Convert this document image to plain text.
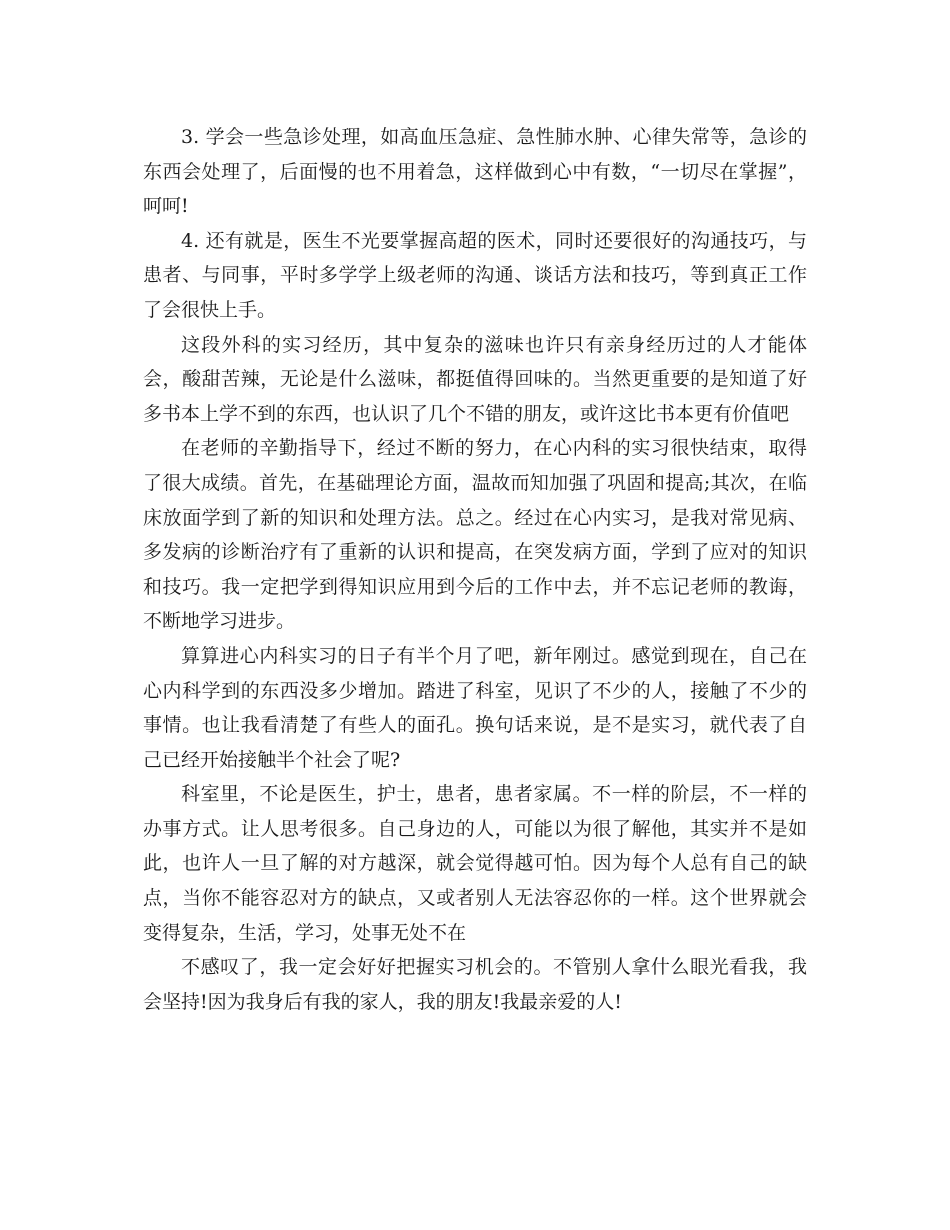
3. 学会一些急诊处理，如高血压急症、急性肺水肿、心律失常等，急诊的东西会处理了，后面慢的也不用着急，这样做到心中有数，“一切尽在掌握”，呵呵!

4. 还有就是，医生不光要掌握高超的医术，同时还要很好的沟通技巧，与患者、与同事，平时多学学上级老师的沟通、谈话方法和技巧，等到真正工作了会很快上手。

这段外科的实习经历，其中复杂的滋味也许只有亲身经历过的人才能体会，酸甜苦辣，无论是什么滋味，都挺值得回味的。当然更重要的是知道了好多书本上学不到的东西，也认识了几个不错的朋友，或许这比书本更有价值吧

在老师的辛勤指导下，经过不断的努力，在心内科的实习很快结束，取得了很大成绩。首先，在基础理论方面，温故而知加强了巩固和提高;其次，在临床放面学到了新的知识和处理方法。总之。经过在心内实习，是我对常见病、多发病的诊断治疗有了重新的认识和提高，在突发病方面，学到了应对的知识和技巧。我一定把学到得知识应用到今后的工作中去，并不忘记老师的教诲，不断地学习进步。

算算进心内科实习的日子有半个月了吧，新年刚过。感觉到现在，自己在心内科学到的东西没多少增加。踏进了科室，见识了不少的人，接触了不少的事情。也让我看清楚了有些人的面孔。换句话来说，是不是实习，就代表了自己已经开始接触半个社会了呢?

科室里，不论是医生，护士，患者，患者家属。不一样的阶层，不一样的办事方式。让人思考很多。自己身边的人，可能以为很了解他，其实并不是如此，也许人一旦了解的对方越深，就会觉得越可怕。因为每个人总有自己的缺点，当你不能容忍对方的缺点，又或者别人无法容忍你的一样。这个世界就会变得复杂，生活，学习，处事无处不在

不感叹了，我一定会好好把握实习机会的。不管别人拿什么眼光看我，我会坚持!因为我身后有我的家人，我的朋友!我最亲爱的人!
